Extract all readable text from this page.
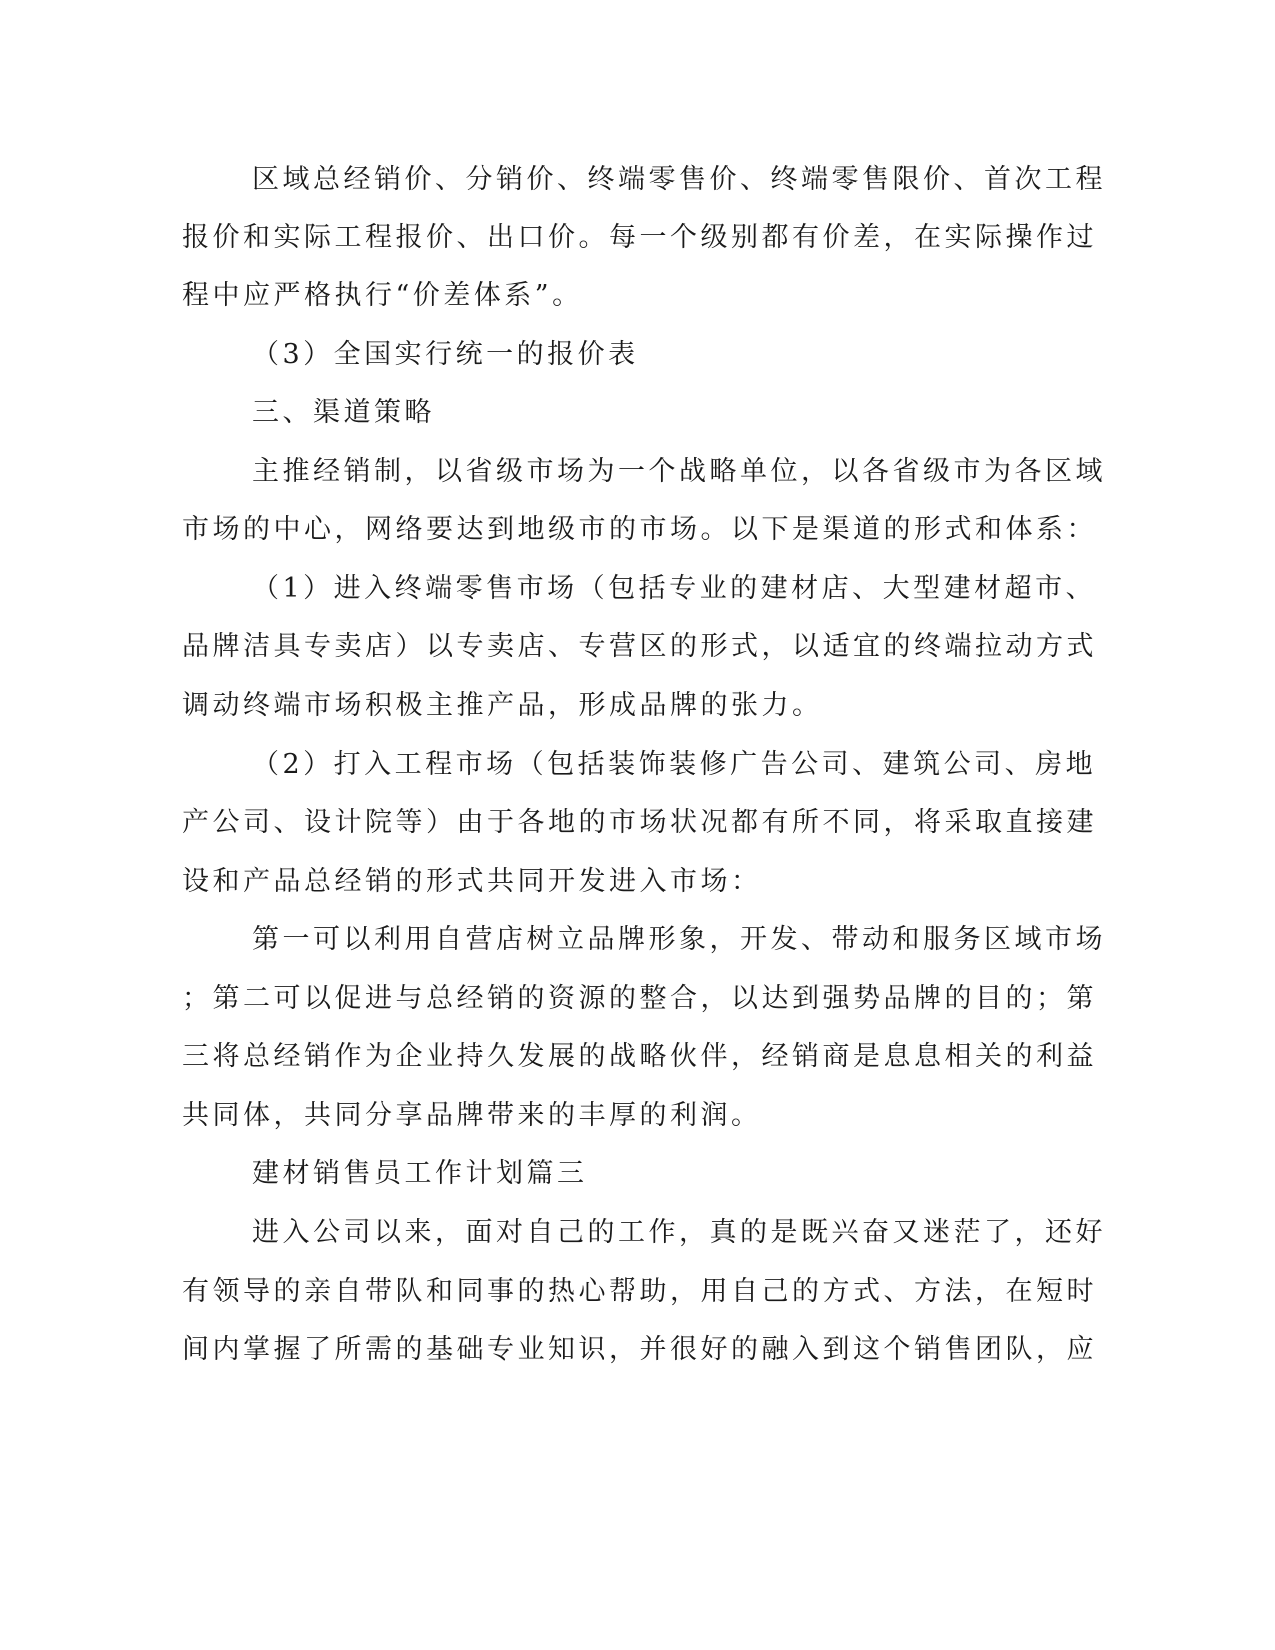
区域总经销价、分销价、终端零售价、终端零售限价、首次工程

报价和实际工程报价、出口价。每一个级别都有价差，在实际操作过

程中应严格执行“价差体系”。

（3）全国实行统一的报价表

三、渠道策略

主推经销制，以省级市场为一个战略单位，以各省级市为各区域

市场的中心，网络要达到地级市的市场。以下是渠道的形式和体系：

（1）进入终端零售市场（包括专业的建材店、大型建材超市、

品牌洁具专卖店）以专卖店、专营区的形式，以适宜的终端拉动方式

调动终端市场积极主推产品，形成品牌的张力。

（2）打入工程市场（包括装饰装修广告公司、建筑公司、房地

产公司、设计院等）由于各地的市场状况都有所不同，将采取直接建

设和产品总经销的形式共同开发进入市场：

第一可以利用自营店树立品牌形象，开发、带动和服务区域市场

；第二可以促进与总经销的资源的整合，以达到强势品牌的目的；第

三将总经销作为企业持久发展的战略伙伴，经销商是息息相关的利益

共同体，共同分享品牌带来的丰厚的利润。

建材销售员工作计划篇三

进入公司以来，面对自己的工作，真的是既兴奋又迷茫了，还好

有领导的亲自带队和同事的热心帮助，用自己的方式、方法，在短时

间内掌握了所需的基础专业知识，并很好的融入到这个销售团队，应
